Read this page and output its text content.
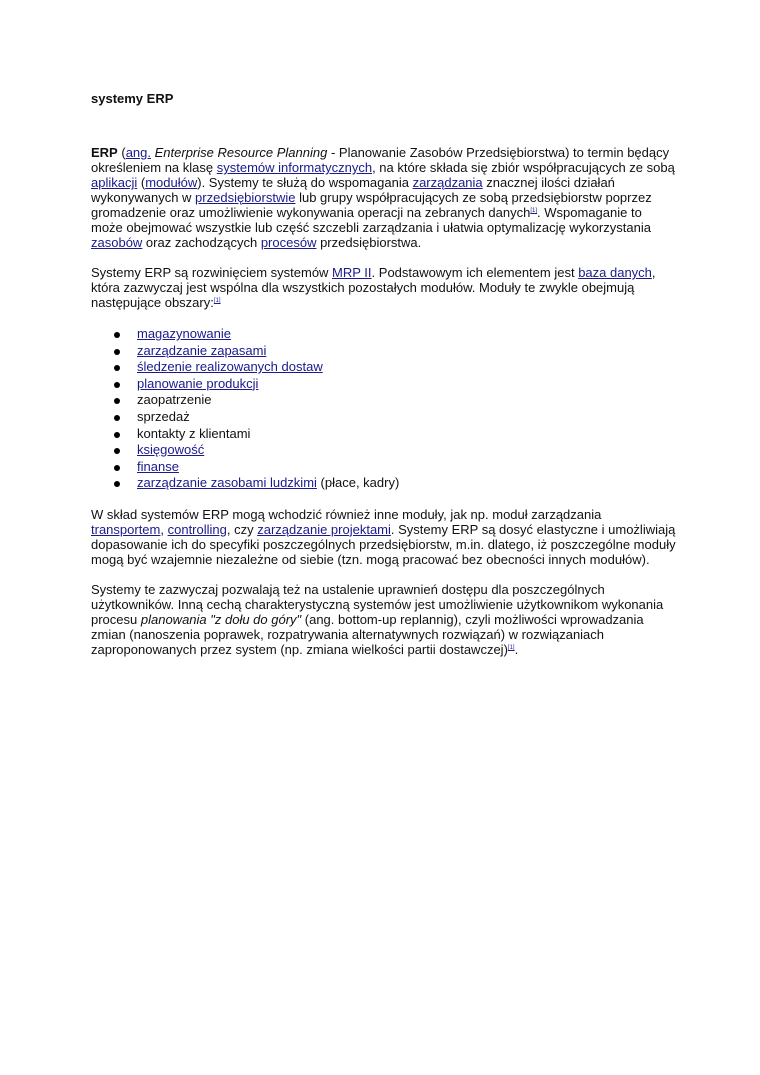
systemy ERP

ERP (ang. Enterprise Resource Planning - Planowanie Zasobów Przedsiębiorstwa) to termin będący określeniem na klasę systemów informatycznych, na które składa się zbiór współpracujących ze sobą aplikacji (modułów). Systemy te służą do wspomagania zarządzania znacznej ilości działań wykonywanych w przedsiębiorstwie lub grupy współpracujących ze sobą przedsiębiorstw poprzez gromadzenie oraz umożliwienie wykonywania operacji na zebranych danych[1]. Wspomaganie to może obejmować wszystkie lub część szczebli zarządzania i ułatwia optymalizację wykorzystania zasobów oraz zachodzących procesów przedsiębiorstwa.

Systemy ERP są rozwinięciem systemów MRP II. Podstawowym ich elementem jest baza danych, która zazwyczaj jest wspólna dla wszystkich pozostałych modułów. Moduły te zwykle obejmują następujące obszary:[1]

magazynowanie
zarządzanie zapasami
śledzenie realizowanych dostaw
planowanie produkcji
zaopatrzenie
sprzedaż
kontakty z klientami
księgowość
finanse
zarządzanie zasobami ludzkimi (płace, kadry)

W skład systemów ERP mogą wchodzić również inne moduły, jak np. moduł zarządzania transportem, controlling, czy zarządzanie projektami. Systemy ERP są dosyć elastyczne i umożliwiają dopasowanie ich do specyfiki poszczególnych przedsiębiorstw, m.in. dlatego, iż poszczególne moduły mogą być wzajemnie niezależne od siebie (tzn. mogą pracować bez obecności innych modułów).

Systemy te zazwyczaj pozwalają też na ustalenie uprawnień dostępu dla poszczególnych użytkowników. Inną cechą charakterystyczną systemów jest umożliwienie użytkownikom wykonania procesu planowania "z dołu do góry" (ang. bottom-up replannig), czyli możliwości wprowadzania zmian (nanoszenia poprawek, rozpatrywania alternatywnych rozwiązań) w rozwiązaniach zaproponowanych przez system (np. zmiana wielkości partii dostawczej)[1].
